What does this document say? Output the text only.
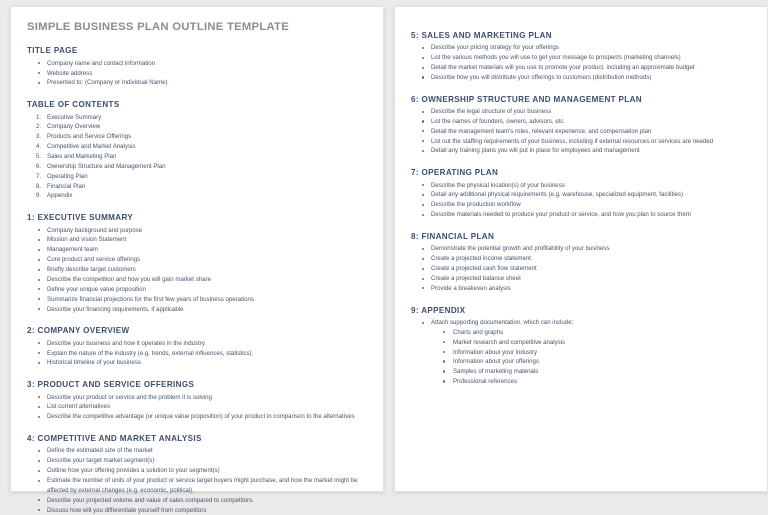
SIMPLE BUSINESS PLAN OUTLINE TEMPLATE
TITLE PAGE
Company name and contact information
Website address
Presented to: (Company or Individual Name)
TABLE OF CONTENTS
1. Executive Summary
2. Company Overview
3. Products and Service Offerings
4. Competitive and Market Analysis
5. Sales and Marketing Plan
6. Ownership Structure and Management Plan
7. Operating Plan
8. Financial Plan
9. Appendix
1: EXECUTIVE SUMMARY
Company background and purpose
Mission and vision Statement
Management team
Core product and service offerings
Briefly describe target customers
Describe the competition and how you will gain market share
Define your unique value proposition
Summarize financial projections for the first few years of business operations
Describe your financing requirements, if applicable
2: COMPANY OVERVIEW
Describe your business and how it operates in the industry.
Explain the nature of the industry (e.g. trends, external influences, statistics).
Historical timeline of your business
3: PRODUCT AND SERVICE OFFERINGS
Describe your product or service and the problem it is solving
List current alternatives
Describe the competitive advantage (or unique value proposition) of your product in comparison to the alternatives
4: COMPETITIVE AND MARKET ANALYSIS
Define the estimated size of the market
Describe your target market segment(s)
Outline how your offering provides a solution to your segment(s)
Estimate the number of units of your product or service target buyers might purchase, and how the market might be affected by external changes (e.g. economic, political).
Describe your projected volume and value of sales compared to competitors.
Discuss how will you differentiate yourself from competitors
5: SALES AND MARKETING PLAN
Describe your pricing strategy for your offerings
List the various methods you will use to get your message to prospects (marketing channels)
Detail the market materials will you use to promote your product, including an approximate budget
Describe how you will distribute your offerings to customers (distribution methods)
6: OWNERSHIP STRUCTURE AND MANAGEMENT PLAN
Describe the legal structure of your business
List the names of founders, owners, advisors, etc.
Detail the management team's roles, relevant experience, and compensation plan
List out the staffing requirements of your business, including if external resources or services are needed
Detail any training plans you will put in place for employees and management
7: OPERATING PLAN
Describe the physical location(s) of your business
Detail any additional physical requirements (e.g. warehouse, specialized equipment, facilities)
Describe the production workflow
Describe materials needed to produce your product or service, and how you plan to source them
8: FINANCIAL PLAN
Demonstrate the potential growth and profitability of your business
Create a projected income statement
Create a projected cash flow statement
Create a projected balance sheet
Provide a breakeven analysis
9: APPENDIX
Attach supporting documentation, which can include:
Charts and graphs
Market research and competitive analysis
Information about your industry
Information about your offerings
Samples of marketing materials
Professional references
